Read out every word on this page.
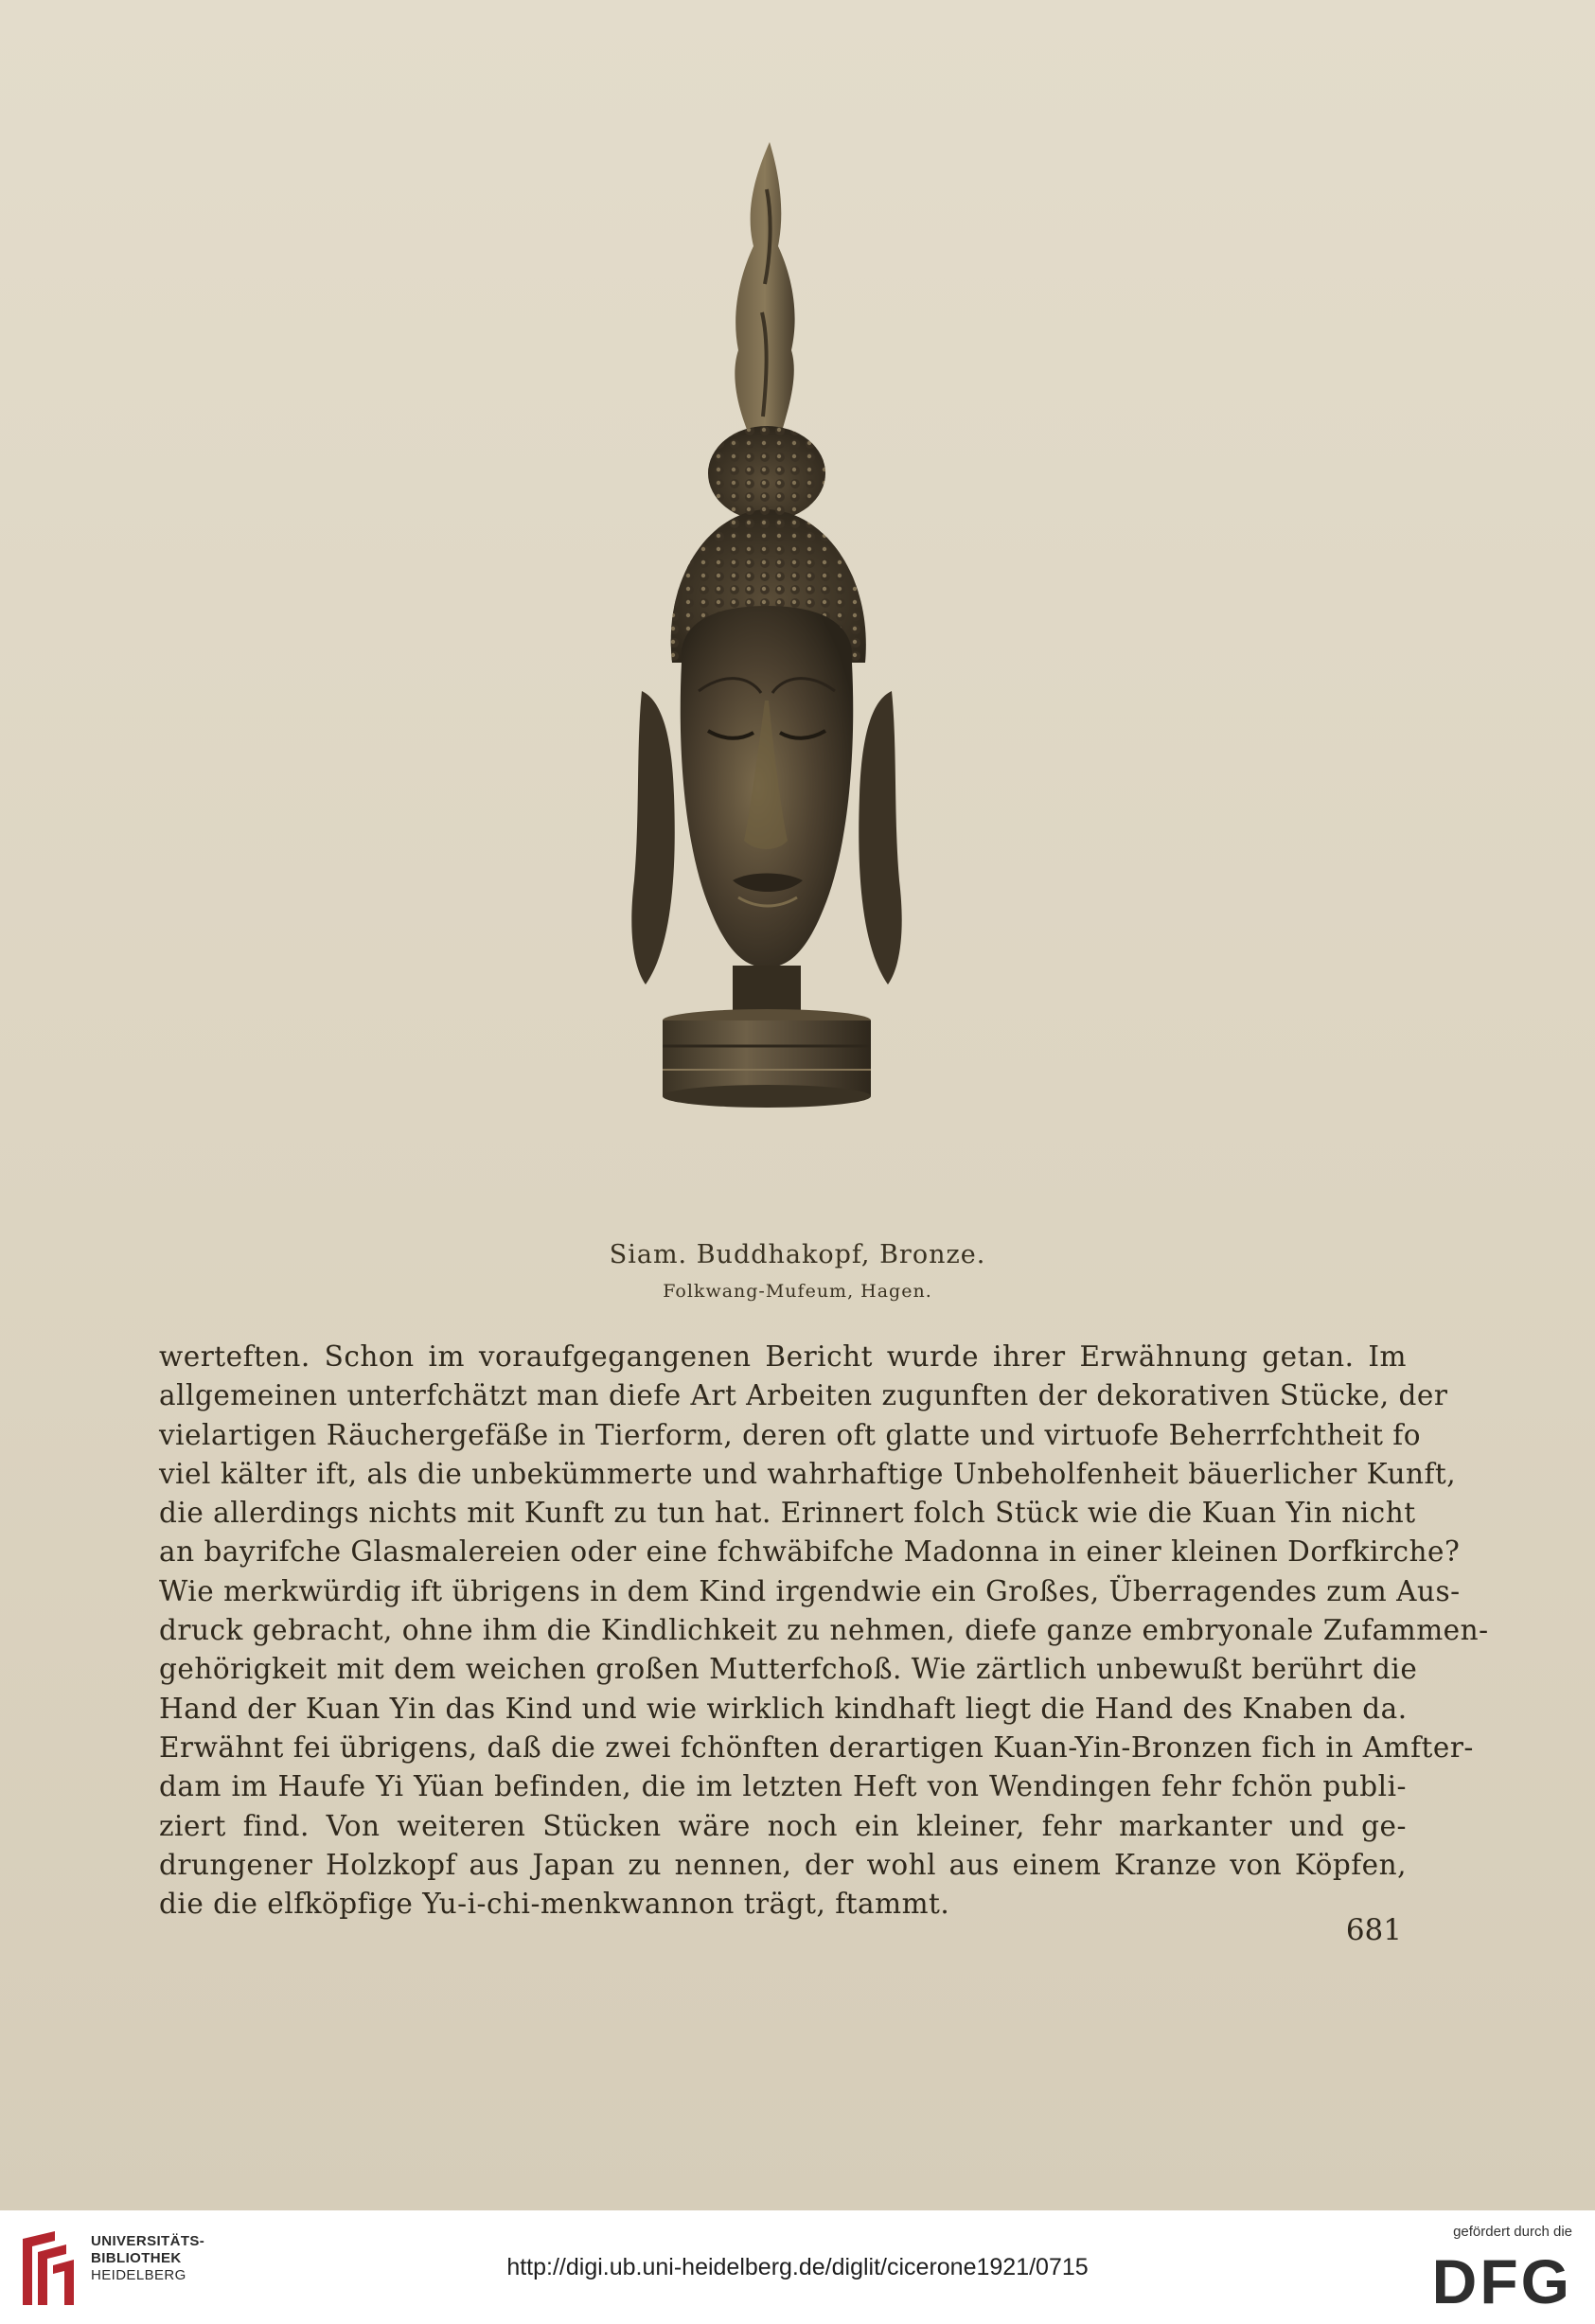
Siam. Buddhakopf, Bronze.
Folkwang-Mufeum, Hagen.
werteften. Schon im voraufgegangenen Bericht wurde ihrer Erwähnung getan. Im
allgemeinen unterfchätzt man diefe Art Arbeiten zugunften der dekorativen Stücke, der
vielartigen Räuchergefäße in Tierform, deren oft glatte und virtuofe Beherrfchtheit fo
viel kälter ift, als die unbekümmerte und wahrhaftige Unbeholfenheit bäuerlicher Kunft,
die allerdings nichts mit Kunft zu tun hat. Erinnert folch Stück wie die Kuan Yin nicht
an bayrifche Glasmalereien oder eine fchwäbifche Madonna in einer kleinen Dorfkirche?
Wie merkwürdig ift übrigens in dem Kind irgendwie ein Großes, Überragendes zum Aus-
druck gebracht, ohne ihm die Kindlichkeit zu nehmen, diefe ganze embryonale Zufammen-
gehörigkeit mit dem weichen großen Mutterfchoß. Wie zärtlich unbewußt berührt die
Hand der Kuan Yin das Kind und wie wirklich kindhaft liegt die Hand des Knaben da.
Erwähnt fei übrigens, daß die zwei fchönften derartigen Kuan-Yin-Bronzen fich in Amfter-
dam im Haufe Yi Yüan befinden, die im letzten Heft von Wendingen fehr fchön publi-
ziert find. Von weiteren Stücken wäre noch ein kleiner, fehr markanter und ge-
drungener Holzkopf aus Japan zu nennen, der wohl aus einem Kranze von Köpfen,
die die elfköpfige Yu-i-chi-menkwannon trägt, ftammt.
681
UNIVERSITÄTS-
BIBLIOTHEK
HEIDELBERG	http://digi.ub.uni-heidelberg.de/diglit/cicerone1921/0715
gefördert durch die
DFG
